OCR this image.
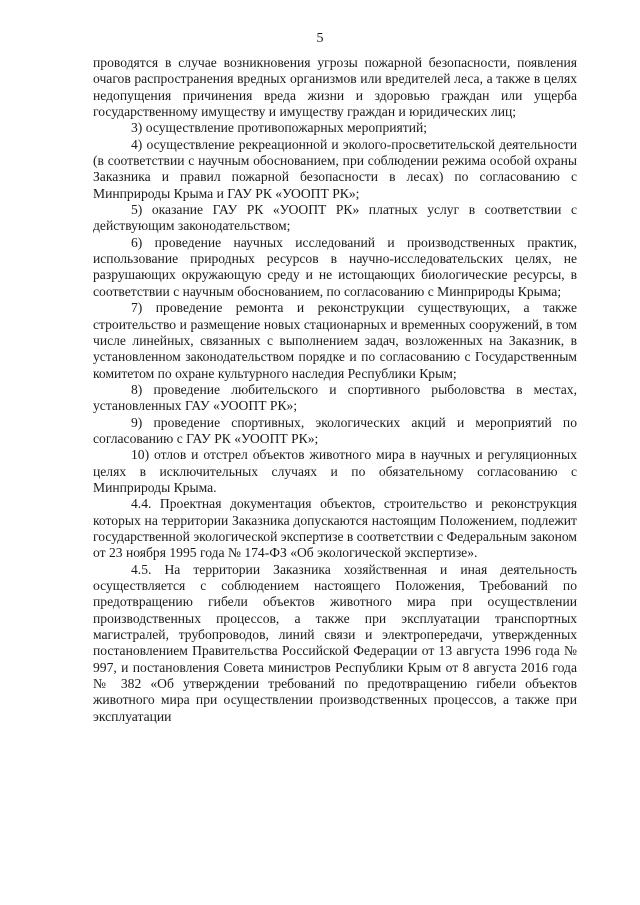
5

проводятся в случае возникновения угрозы пожарной безопасности, появления очагов распространения вредных организмов или вредителей леса, а также в целях недопущения причинения вреда жизни и здоровью граждан или ущерба государственному имуществу и имуществу граждан и юридических лиц;

3) осуществление противопожарных мероприятий;

4) осуществление рекреационной и эколого-просветительской деятельности (в соответствии с научным обоснованием, при соблюдении режима особой охраны Заказника и правил пожарной безопасности в лесах) по согласованию с Минприроды Крыма и ГАУ РК «УООПТ РК»;

5) оказание ГАУ РК «УООПТ РК» платных услуг в соответствии с действующим законодательством;

6) проведение научных исследований и производственных практик, использование природных ресурсов в научно-исследовательских целях, не разрушающих окружающую среду и не истощающих биологические ресурсы, в соответствии с научным обоснованием, по согласованию с Минприроды Крыма;

7) проведение ремонта и реконструкции существующих, а также строительство и размещение новых стационарных и временных сооружений, в том числе линейных, связанных с выполнением задач, возложенных на Заказник, в установленном законодательством порядке и по согласованию с Государственным комитетом по охране культурного наследия Республики Крым;

8) проведение любительского и спортивного рыболовства в местах, установленных ГАУ «УООПТ РК»;

9) проведение спортивных, экологических акций и мероприятий по согласованию с ГАУ РК «УООПТ РК»;

10) отлов и отстрел объектов животного мира в научных и регуляционных целях в исключительных случаях и по обязательному согласованию с Минприроды Крыма.

4.4. Проектная документация объектов, строительство и реконструкция которых на территории Заказника допускаются настоящим Положением, подлежит государственной экологической экспертизе в соответствии с Федеральным законом от 23 ноября 1995 года № 174-ФЗ «Об экологической экспертизе».

4.5. На территории Заказника хозяйственная и иная деятельность осуществляется с соблюдением настоящего Положения, Требований по предотвращению гибели объектов животного мира при осуществлении производственных процессов, а также при эксплуатации транспортных магистралей, трубопроводов, линий связи и электропередачи, утвержденных постановлением Правительства Российской Федерации от 13 августа 1996 года № 997, и постановления Совета министров Республики Крым от 8 августа 2016 года № 382 «Об утверждении требований по предотвращению гибели объектов животного мира при осуществлении производственных процессов, а также при эксплуатации
